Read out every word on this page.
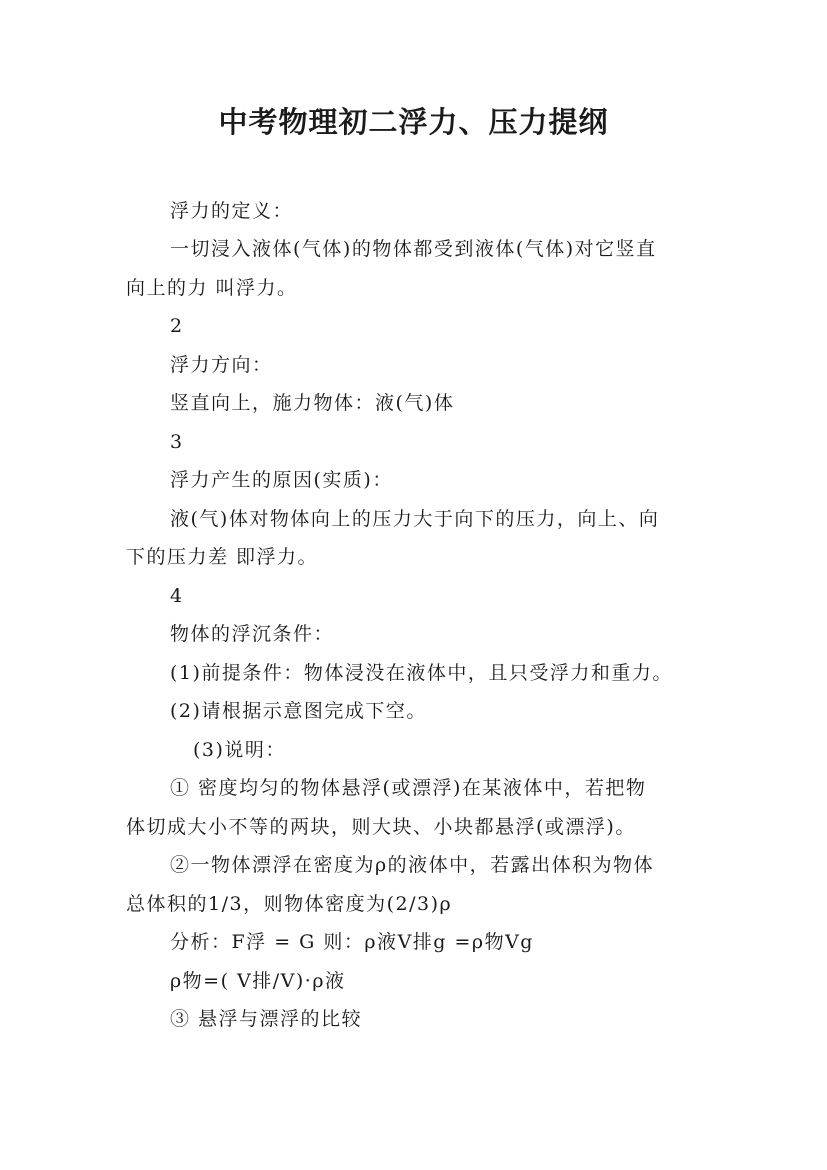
中考物理初二浮力、压力提纲
浮力的定义：
一切浸入液体(气体)的物体都受到液体(气体)对它竖直
向上的力 叫浮力。
2
浮力方向：
竖直向上，施力物体：液(气)体
3
浮力产生的原因(实质)：
液(气)体对物体向上的压力大于向下的压力，向上、向
下的压力差 即浮力。
4
物体的浮沉条件：
(1)前提条件：物体浸没在液体中，且只受浮力和重力。
(2)请根据示意图完成下空。
(3)说明：
① 密度均匀的物体悬浮(或漂浮)在某液体中，若把物
体切成大小不等的两块，则大块、小块都悬浮(或漂浮)。
②一物体漂浮在密度为ρ的液体中，若露出体积为物体
总体积的1/3，则物体密度为(2/3)ρ
分析：F浮 = G 则：ρ液V排g =ρ物Vg
ρ物=( V排/V)·ρ液
③ 悬浮与漂浮的比较
